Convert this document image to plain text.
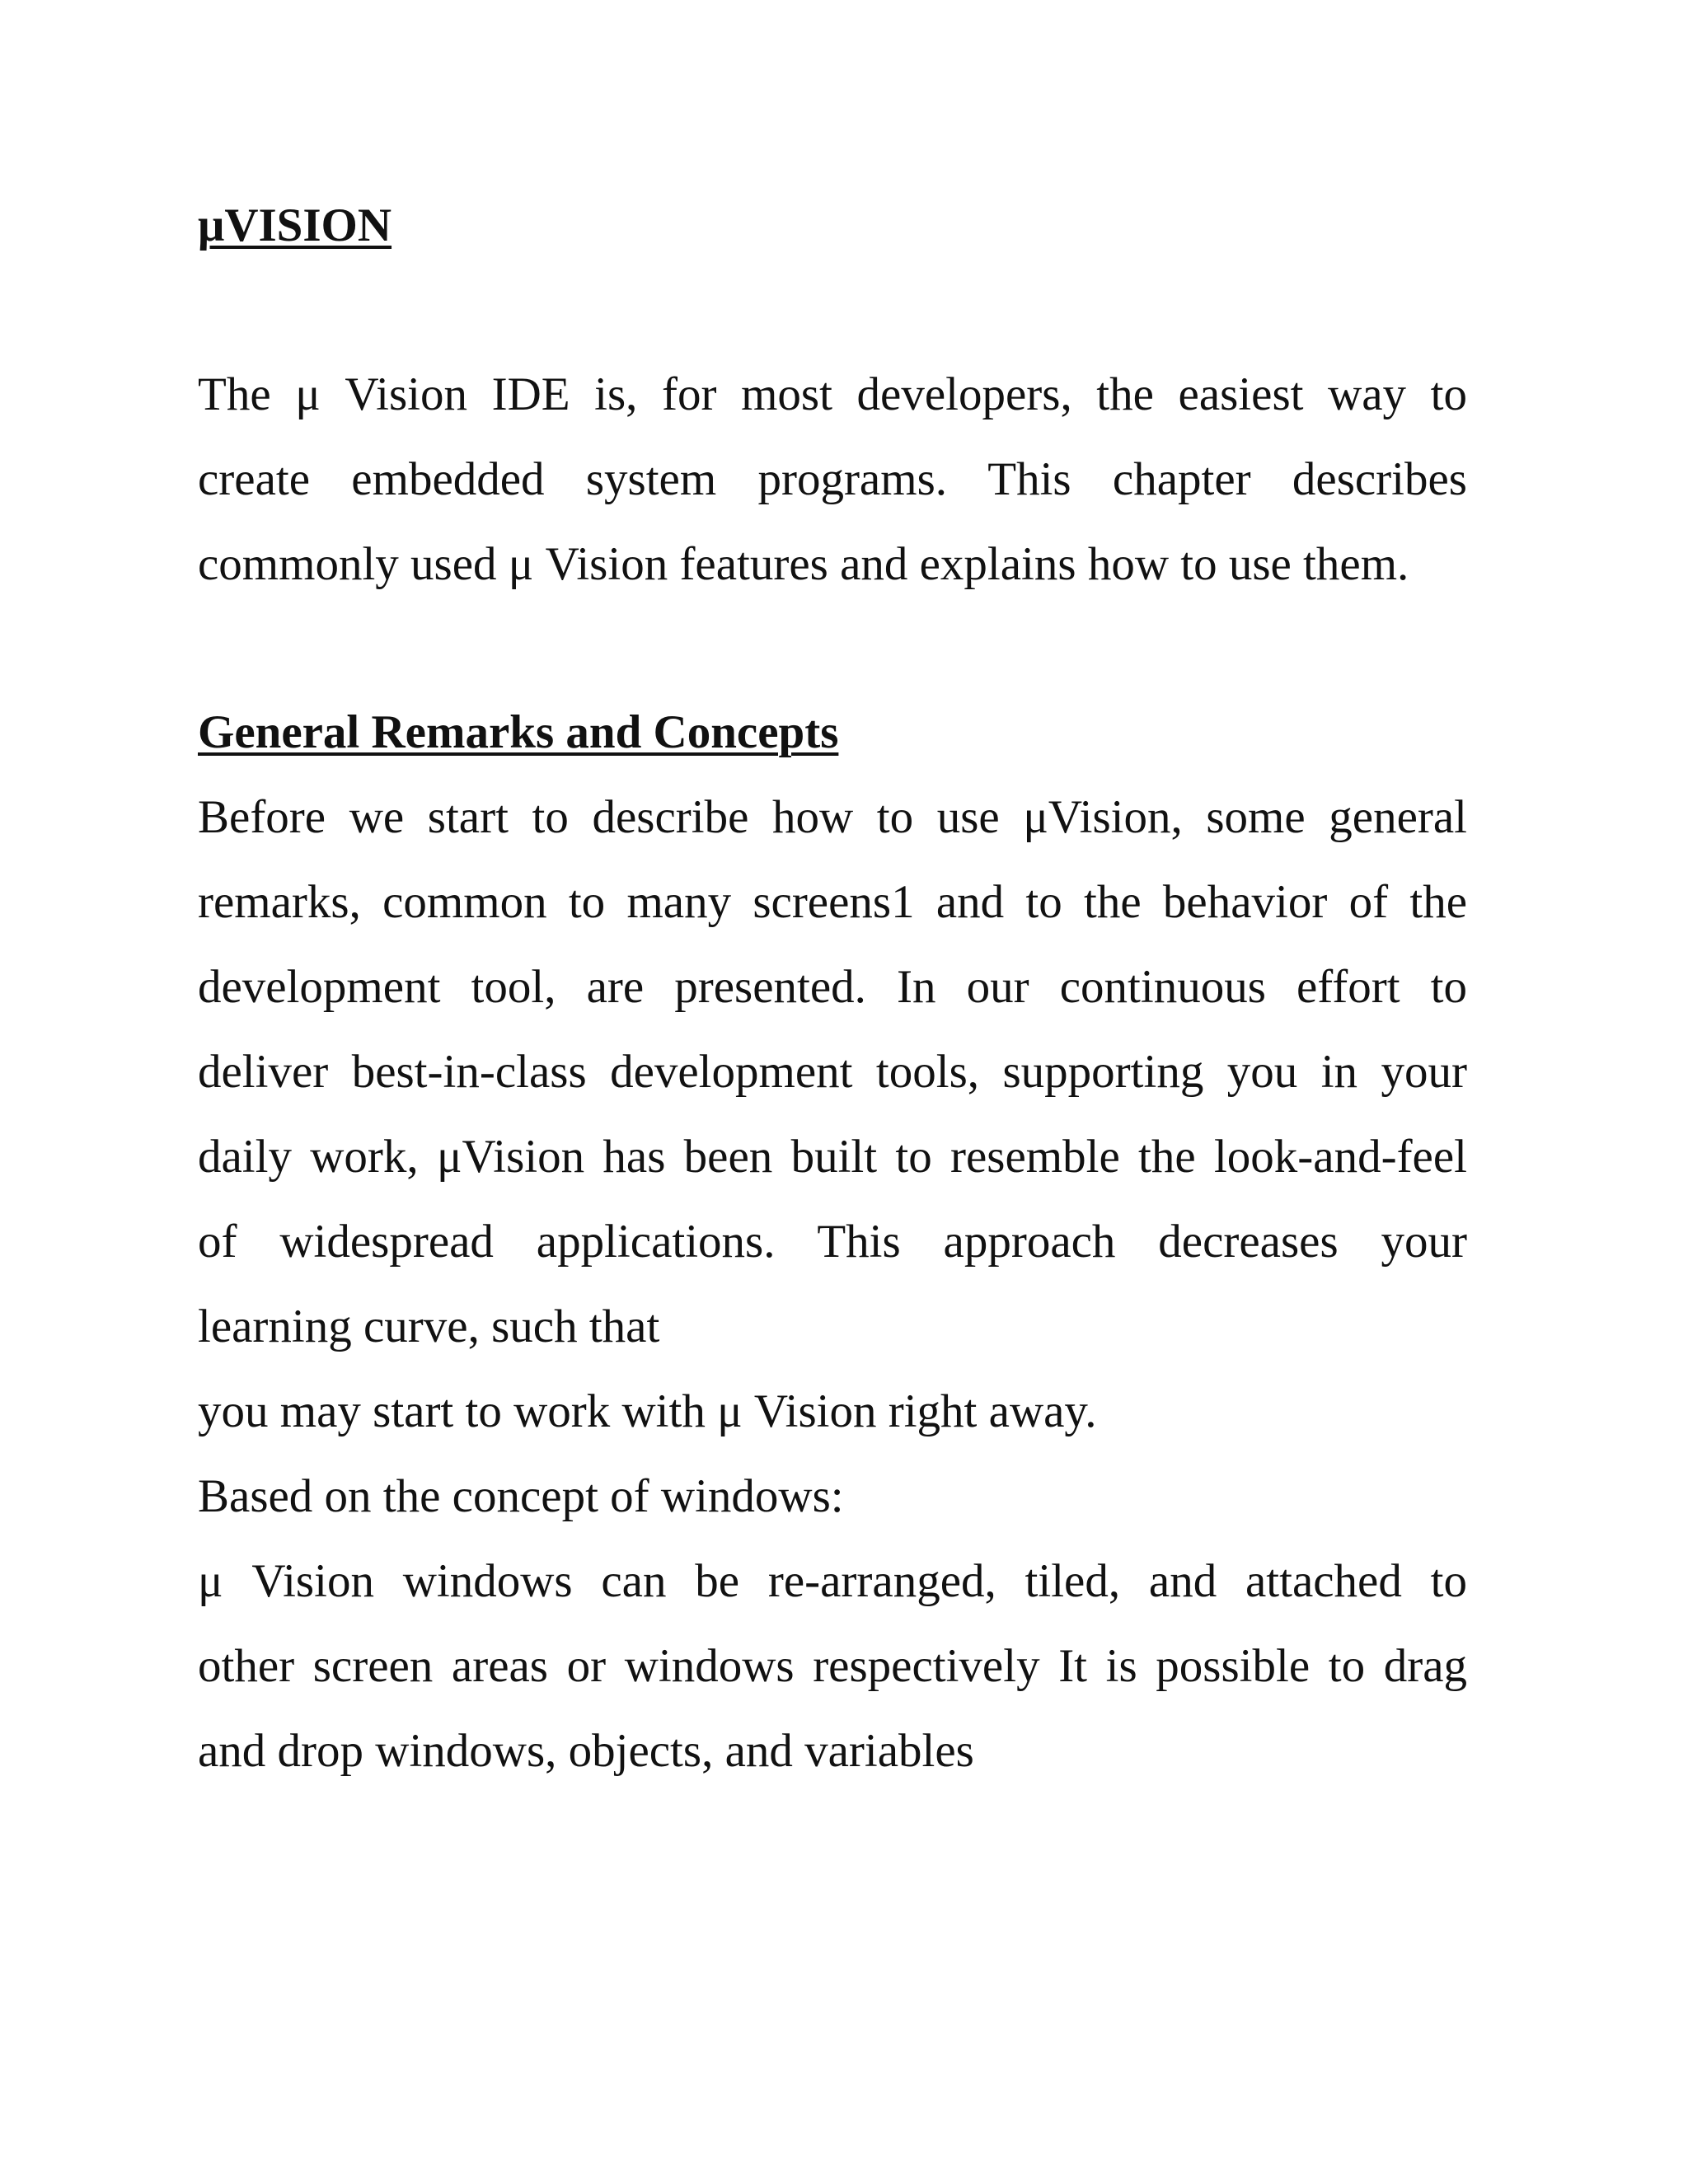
μVISION
The μ Vision IDE is, for most developers, the easiest way to
create embedded system programs. This chapter describes
commonly used μ Vision features and explains how to use them.
General Remarks and Concepts
Before we start to describe how to use μVision, some general
remarks, common to many screens1 and to the behavior of the
development tool, are presented. In our continuous effort to
deliver best-in-class development tools, supporting you in your
daily work, μVision has been built to resemble the look-and-feel
of widespread applications. This approach decreases your
learning curve, such that
you may start to work with μ Vision right away.
Based on the concept of windows:
μ Vision windows can be re-arranged, tiled, and attached to
other screen areas or windows respectively It is possible to drag
and drop windows, objects, and variables
